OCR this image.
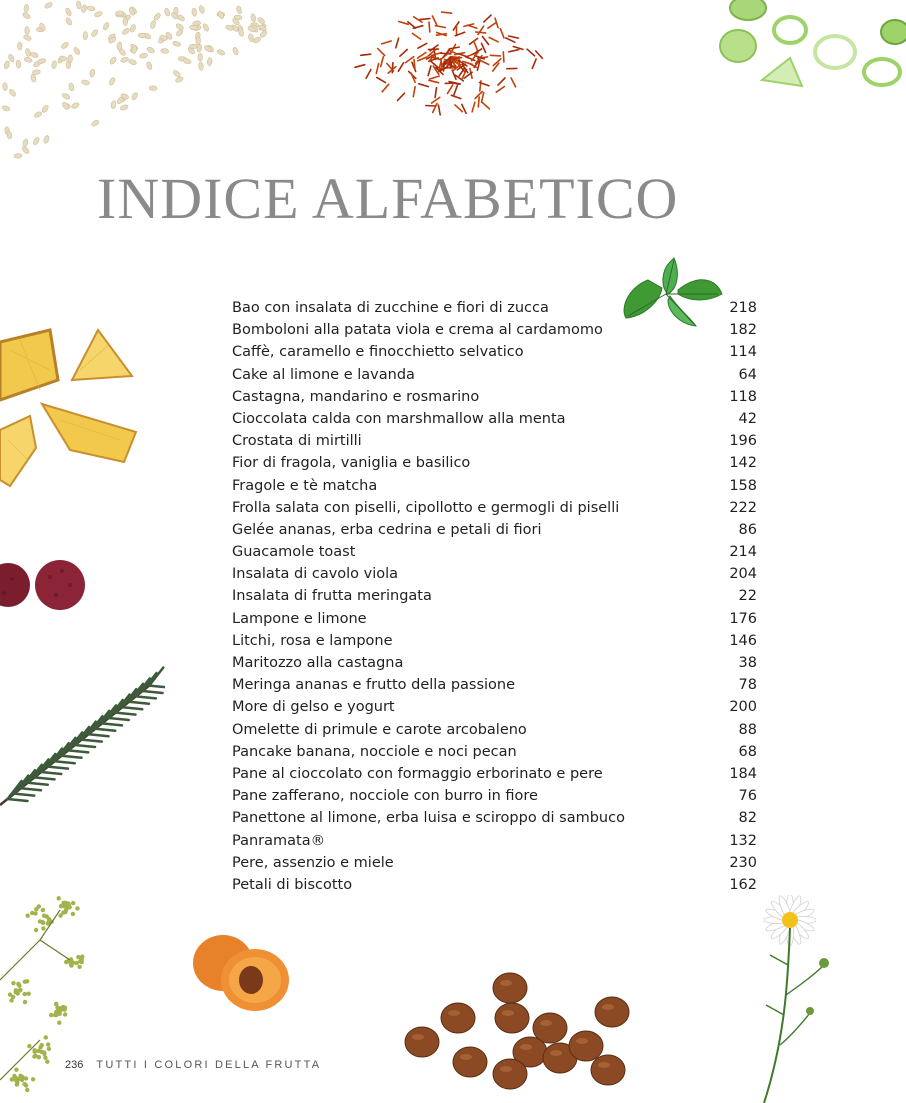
INDICE ALFABETICO
Bao con insalata di zucchine e fiori di zucca	218
Bomboloni alla patata viola e crema al cardamomo	182
Caffè, caramello e finocchietto selvatico	114
Cake al limone e lavanda	64
Castagna, mandarino e rosmarino	118
Cioccolata calda con marshmallow alla menta	42
Crostata di mirtilli	196
Fior di fragola, vaniglia e basilico	142
Fragole e tè matcha	158
Frolla salata con piselli, cipollotto e germogli di piselli	222
Gelée ananas, erba cedrina e petali di fiori	86
Guacamole toast	214
Insalata di cavolo viola	204
Insalata di frutta meringata	22
Lampone e limone	176
Litchi, rosa e lampone	146
Maritozzo alla castagna	38
Meringa ananas e frutto della passione	78
More di gelso e yogurt	200
Omelette di primule e carote arcobaleno	88
Pancake banana, nocciole e noci pecan	68
Pane al cioccolato con formaggio erborinato e pere	184
Pane zafferano, nocciole con burro in fiore	76
Panettone al limone, erba luisa e sciroppo di sambuco	82
Panramata®	132
Pere, assenzio e miele	230
Petali di biscotto	162
236 TUTTI I COLORI DELLA FRUTTA
